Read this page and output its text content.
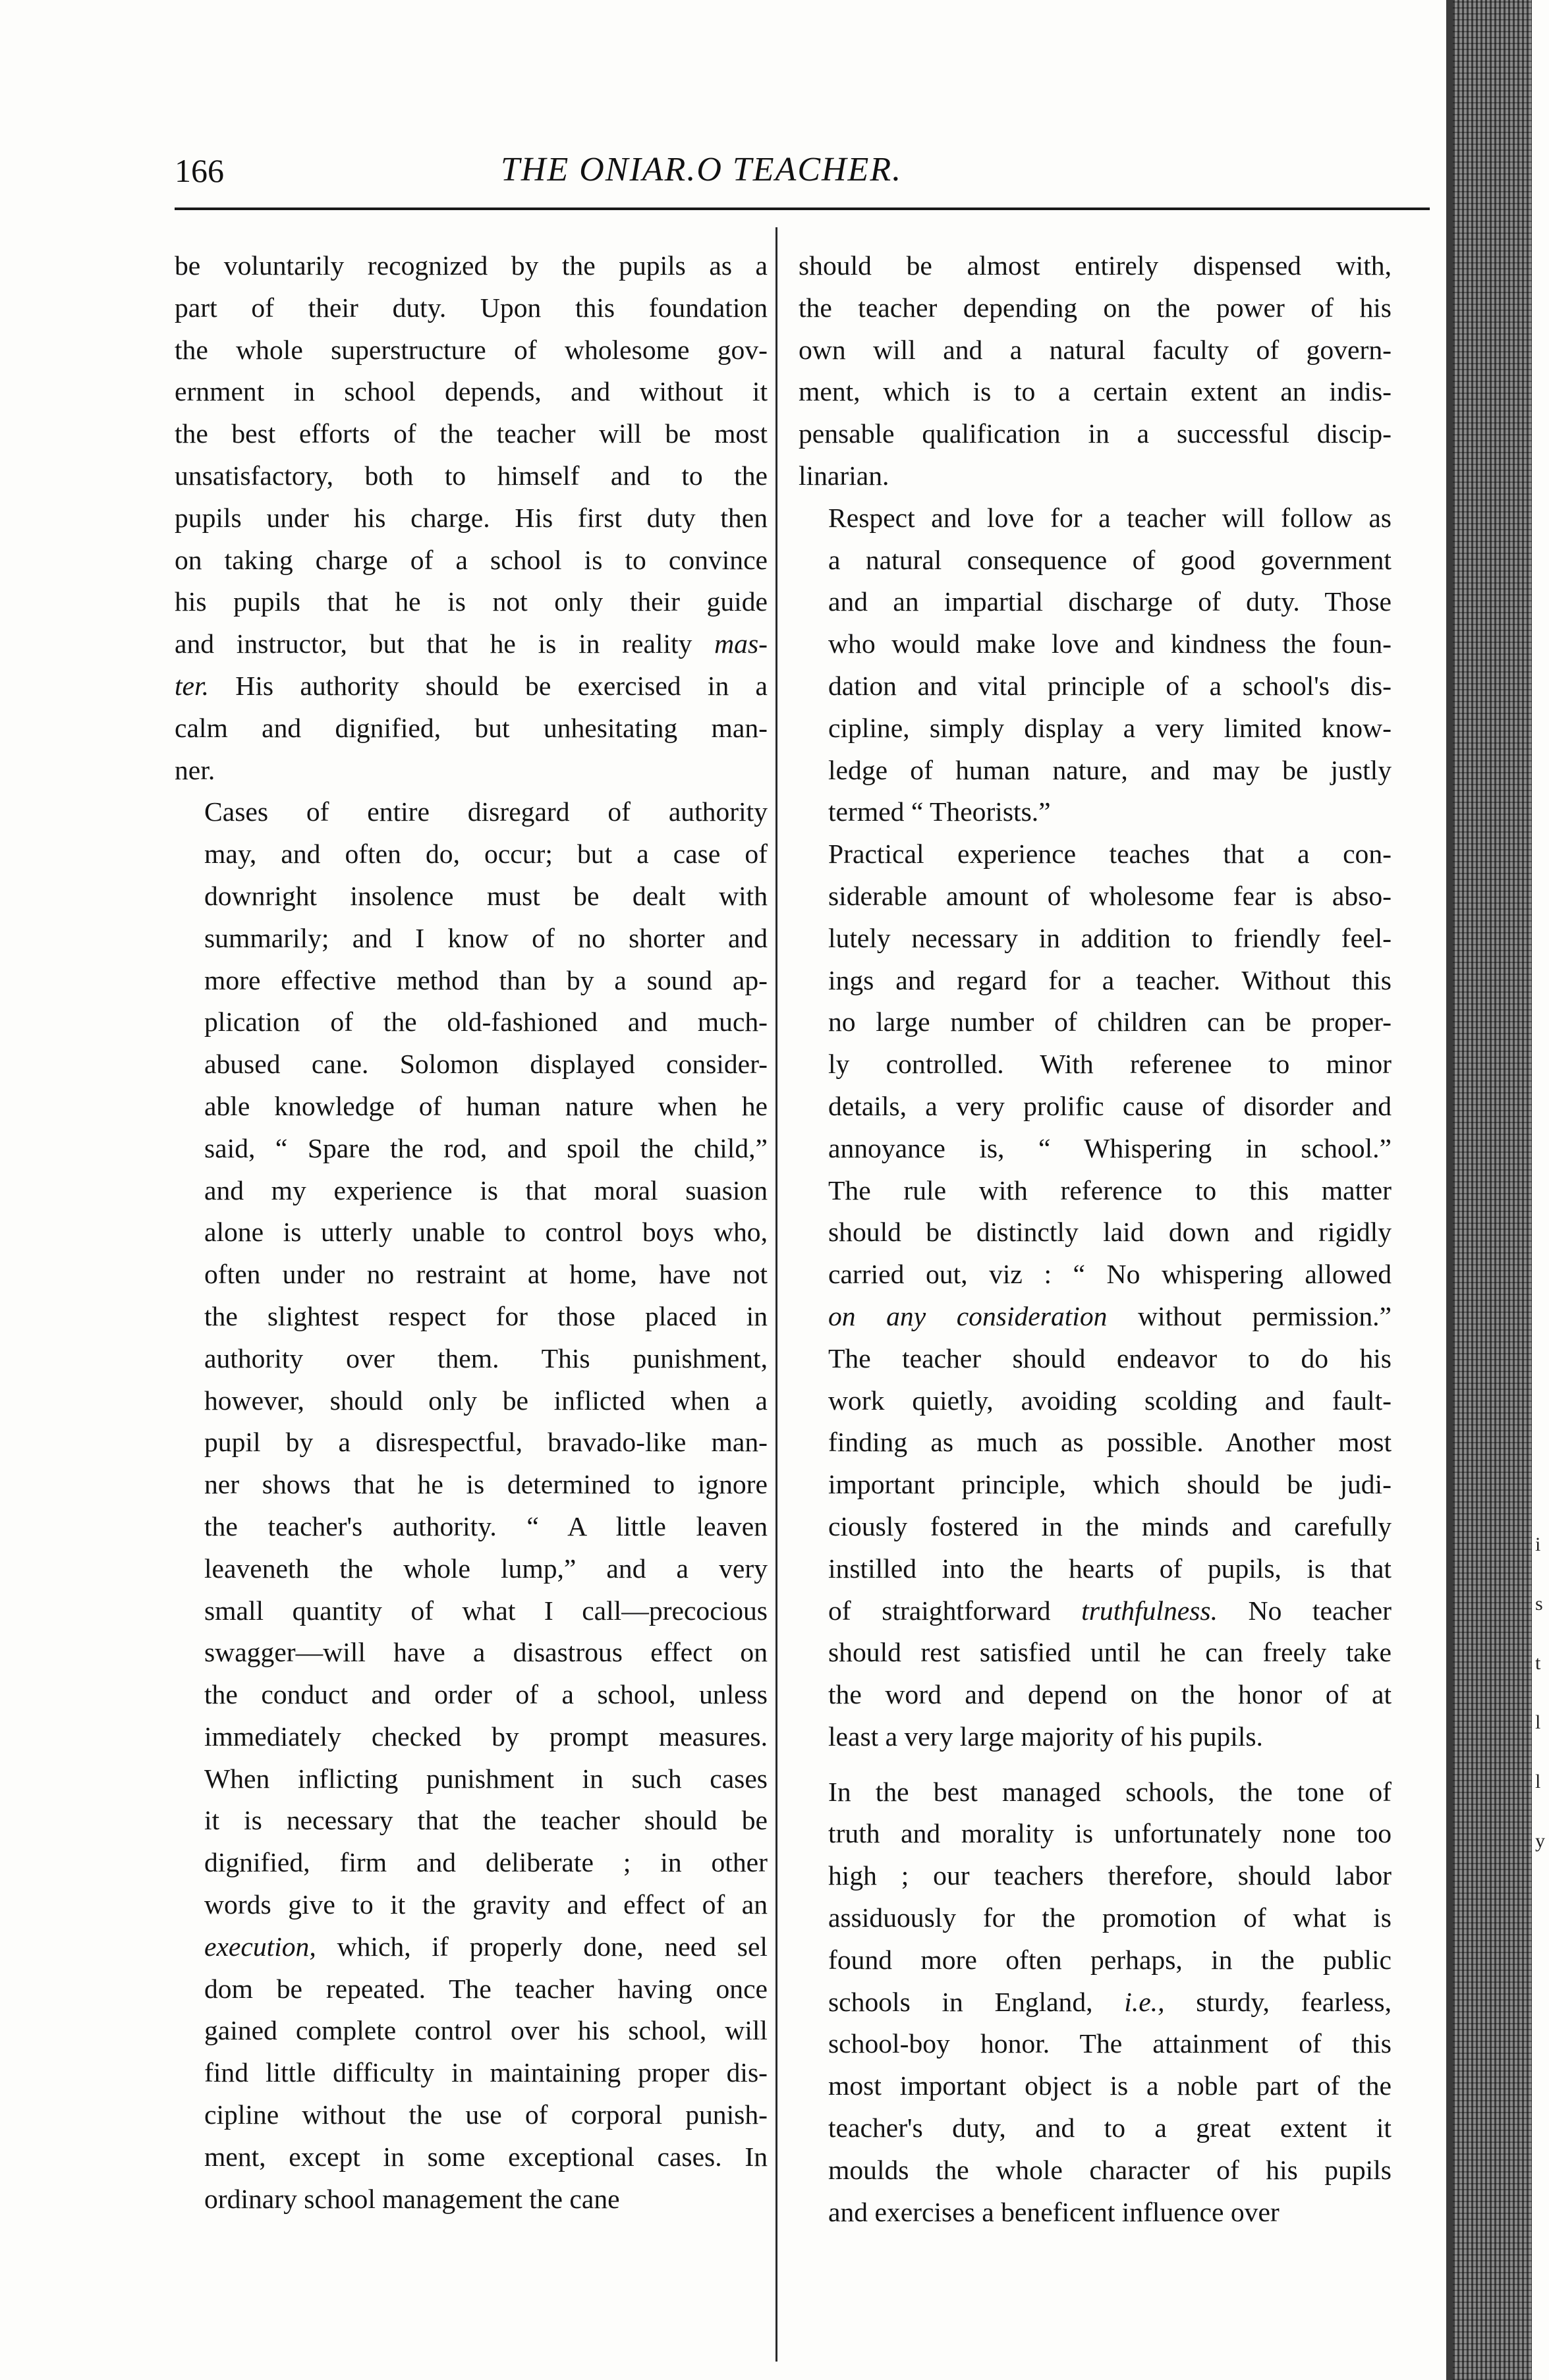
166	THE ONIAR.O TEACHER.

be voluntarily recognized by the pupils as a
part of their duty. Upon this foundation
the whole superstructure of wholesome gov-
ernment in school depends, and without it
the best efforts of the teacher will be most
unsatisfactory, both to himself and to the
pupils under his charge. His first duty then
on taking charge of a school is to convince
his pupils that he is not only their guide
and instructor, but that he is in reality mas-
ter. His authority should be exercised in a
calm and dignified, but unhesitating man-
ner.

Cases of entire disregard of authority
may, and often do, occur; but a case of
downright insolence must be dealt with
summarily; and I know of no shorter and
more effective method than by a sound ap-
plication of the old-fashioned and much-
abused cane. Solomon displayed consider-
able knowledge of human nature when he
said, “ Spare the rod, and spoil the child,”
and my experience is that moral suasion
alone is utterly unable to control boys who,
often under no restraint at home, have not
the slightest respect for those placed in
authority over them. This punishment,
however, should only be inflicted when a
pupil by a disrespectful, bravado-like man-
ner shows that he is determined to ignore
the teacher's authority. “ A little leaven
leaveneth the whole lump,” and a very
small quantity of what I call—precocious
swagger—will have a disastrous effect on
the conduct and order of a school, unless
immediately checked by prompt measures.
When inflicting punishment in such cases
it is necessary that the teacher should be
dignified, firm and deliberate ; in other
words give to it the gravity and effect of an
execution, which, if properly done, need sel
dom be repeated. The teacher having once
gained complete control over his school, will
find little difficulty in maintaining proper dis-
cipline without the use of corporal punish-
ment, except in some exceptional cases. In
ordinary school management the cane

should be almost entirely dispensed with,
the teacher depending on the power of his
own will and a natural faculty of govern-
ment, which is to a certain extent an indis-
pensable qualification in a successful discip-
linarian.

Respect and love for a teacher will follow as
a natural consequence of good government
and an impartial discharge of duty. Those
who would make love and kindness the foun-
dation and vital principle of a school's dis-
cipline, simply display a very limited know-
ledge of human nature, and may be justly
termed “ Theorists.”

Practical experience teaches that a con-
siderable amount of wholesome fear is abso-
lutely necessary in addition to friendly feel-
ings and regard for a teacher. Without this
no large number of children can be proper-
ly controlled. With referenee to minor
details, a very prolific cause of disorder and
annoyance is, “ Whispering in school.”
The rule with reference to this matter
should be distinctly laid down and rigidly
carried out, viz : “ No whispering allowed
on any consideration without permission.”
The teacher should endeavor to do his
work quietly, avoiding scolding and fault-
finding as much as possible. Another most
important principle, which should be judi-
ciously fostered in the minds and carefully
instilled into the hearts of pupils, is that
of straightforward truthfulness. No teacher
should rest satisfied until he can freely take
the word and depend on the honor of at
least a very large majority of his pupils.

In the best managed schools, the tone of
truth and morality is unfortunately none too
high ; our teachers therefore, should labor
assiduously for the promotion of what is
found more often perhaps, in the public
schools in England, i.e., sturdy, fearless,
school-boy honor. The attainment of this
most important object is a noble part of the
teacher's duty, and to a great extent it
moulds the whole character of his pupils
and exercises a beneficent influence over

i
s
t
l
l
y
